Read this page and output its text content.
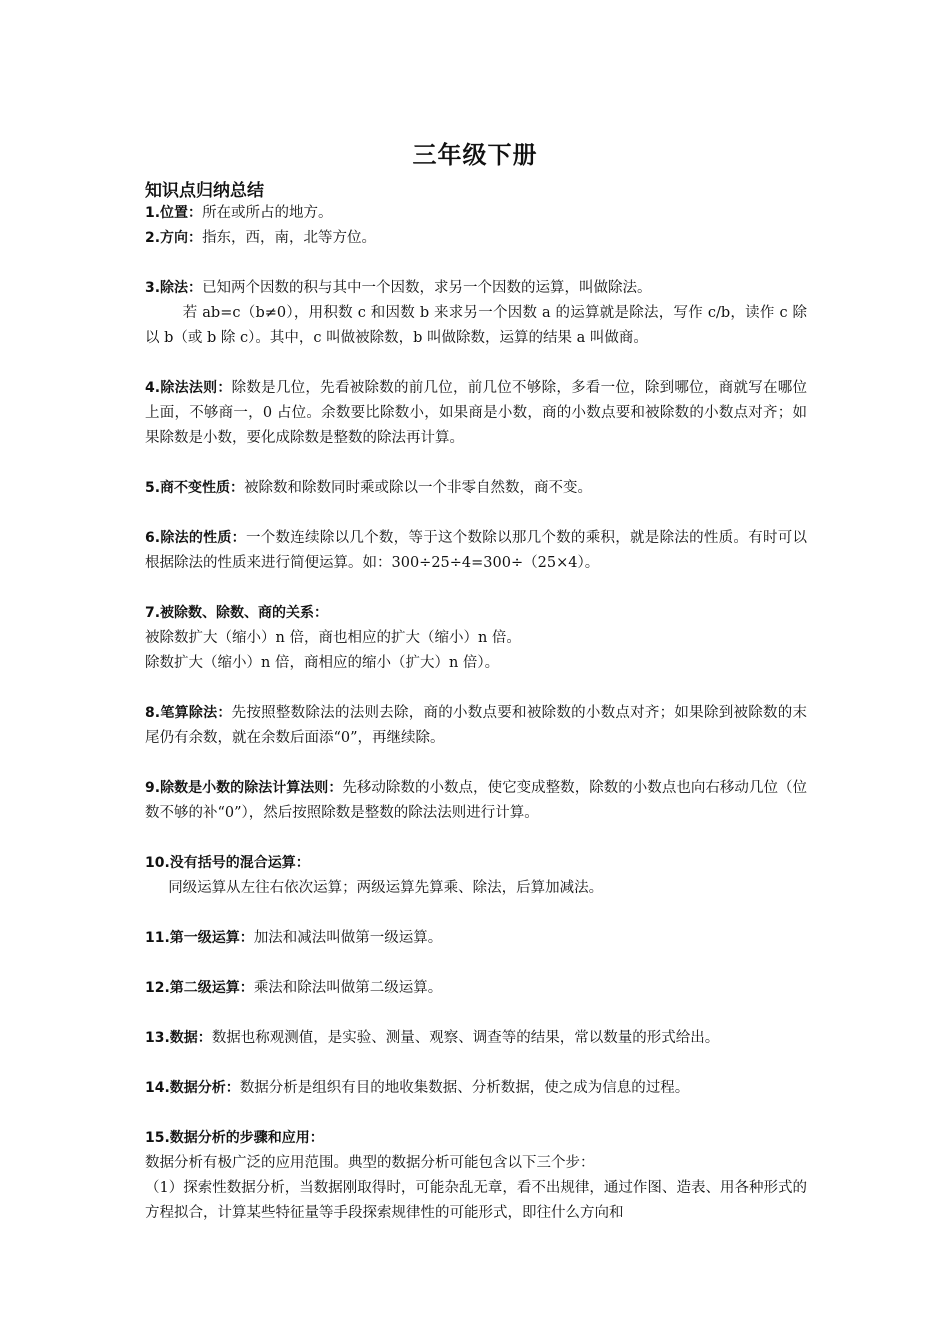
三年级下册
知识点归纳总结

1.位置：所在或所占的地方。

2.方向：指东，西，南，北等方位。

3.除法：已知两个因数的积与其中一个因数，求另一个因数的运算，叫做除法。

若 ab=c（b≠0），用积数 c 和因数 b 来求另一个因数 a 的运算就是除法，写作 c/b，读作 c 除以 b（或 b 除 c）。其中，c 叫做被除数，b 叫做除数，运算的结果 a 叫做商。

4.除法法则：除数是几位，先看被除数的前几位，前几位不够除，多看一位，除到哪位，商就写在哪位上面，不够商一，0 占位。余数要比除数小，如果商是小数，商的小数点要和被除数的小数点对齐；如果除数是小数，要化成除数是整数的除法再计算。

5.商不变性质：被除数和除数同时乘或除以一个非零自然数，商不变。

6.除法的性质：一个数连续除以几个数，等于这个数除以那几个数的乘积，就是除法的性质。有时可以根据除法的性质来进行简便运算。如：300÷25÷4=300÷（25×4）。

7.被除数、除数、商的关系：

被除数扩大（缩小）n 倍，商也相应的扩大（缩小）n 倍。

除数扩大（缩小）n 倍，商相应的缩小（扩大）n 倍）。

8.笔算除法：先按照整数除法的法则去除，商的小数点要和被除数的小数点对齐；如果除到被除数的末尾仍有余数，就在余数后面添“0”，再继续除。

9.除数是小数的除法计算法则：先移动除数的小数点，使它变成整数，除数的小数点也向右移动几位（位数不够的补“0”），然后按照除数是整数的除法法则进行计算。

10.没有括号的混合运算：

同级运算从左往右依次运算；两级运算先算乘、除法，后算加减法。

11.第一级运算：加法和减法叫做第一级运算。

12.第二级运算：乘法和除法叫做第二级运算。

13.数据：数据也称观测值，是实验、测量、观察、调查等的结果，常以数量的形式给出。

14.数据分析：数据分析是组织有目的地收集数据、分析数据，使之成为信息的过程。

15.数据分析的步骤和应用：

数据分析有极广泛的应用范围。典型的数据分析可能包含以下三个步：

（1）探索性数据分析，当数据刚取得时，可能杂乱无章，看不出规律，通过作图、造表、用各种形式的方程拟合，计算某些特征量等手段探索规律性的可能形式，即往什么方向和
